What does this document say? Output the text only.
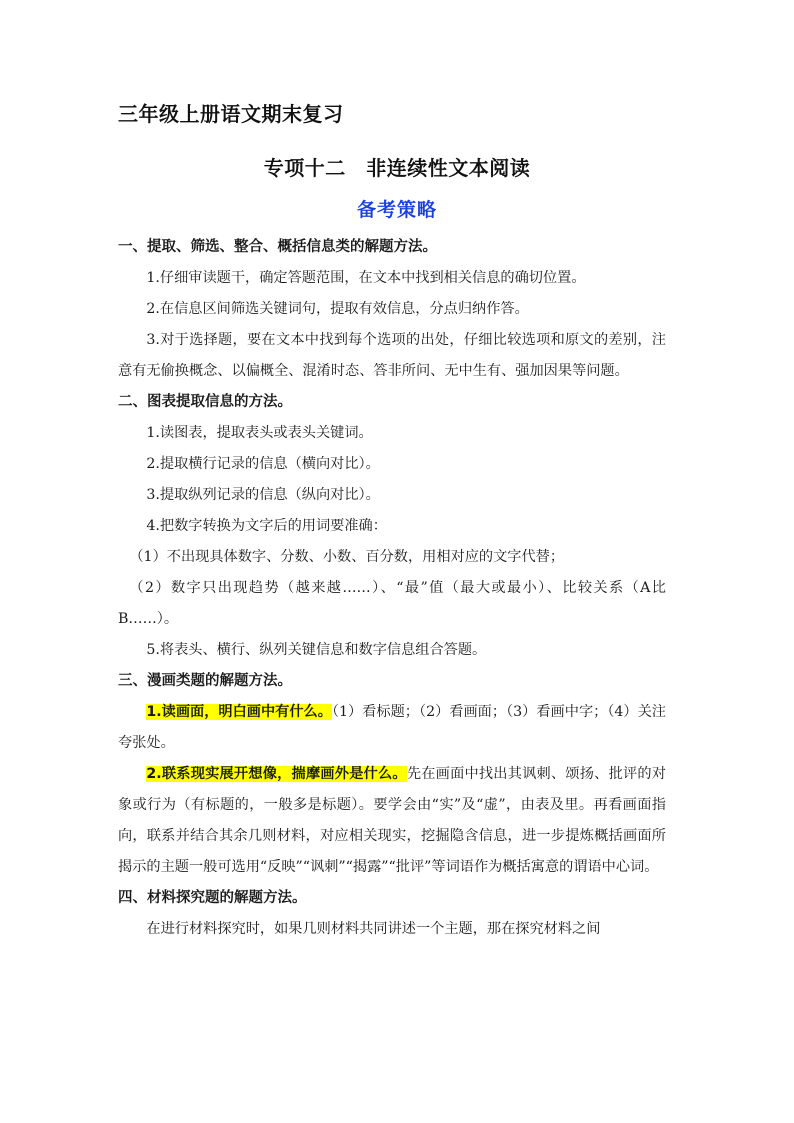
三年级上册语文期末复习
专项十二　非连续性文本阅读
备考策略

一、提取、筛选、整合、概括信息类的解题方法。

1.仔细审读题干，确定答题范围，在文本中找到相关信息的确切位置。

2.在信息区间筛选关键词句，提取有效信息，分点归纳作答。

3.对于选择题，要在文本中找到每个选项的出处，仔细比较选项和原文的差别，注意有无偷换概念、以偏概全、混淆时态、答非所问、无中生有、强加因果等问题。

二、图表提取信息的方法。

1.读图表，提取表头或表头关键词。

2.提取横行记录的信息（横向对比）。

3.提取纵列记录的信息（纵向对比）。

4.把数字转换为文字后的用词要准确：

（1）不出现具体数字、分数、小数、百分数，用相对应的文字代替；

（2）数字只出现趋势（越来越……）、“最”值（最大或最小）、比较关系（A比B……）。

5.将表头、横行、纵列关键信息和数字信息组合答题。

三、漫画类题的解题方法。

1.读画面，明白画中有什么。（1）看标题；（2）看画面；（3）看画中字；（4）关注夸张处。

2.联系现实展开想像，揣摩画外是什么。先在画面中找出其讽刺、颂扬、批评的对象或行为（有标题的，一般多是标题）。要学会由“实”及“虚”，由表及里。再看画面指向，联系并结合其余几则材料，对应相关现实，挖掘隐含信息，进一步提炼概括画面所揭示的主题一般可选用“反映”“讽刺”“揭露”“批评”等词语作为概括寓意的谓语中心词。

四、材料探究题的解题方法。

在进行材料探究时，如果几则材料共同讲述一个主题，那在探究材料之间
